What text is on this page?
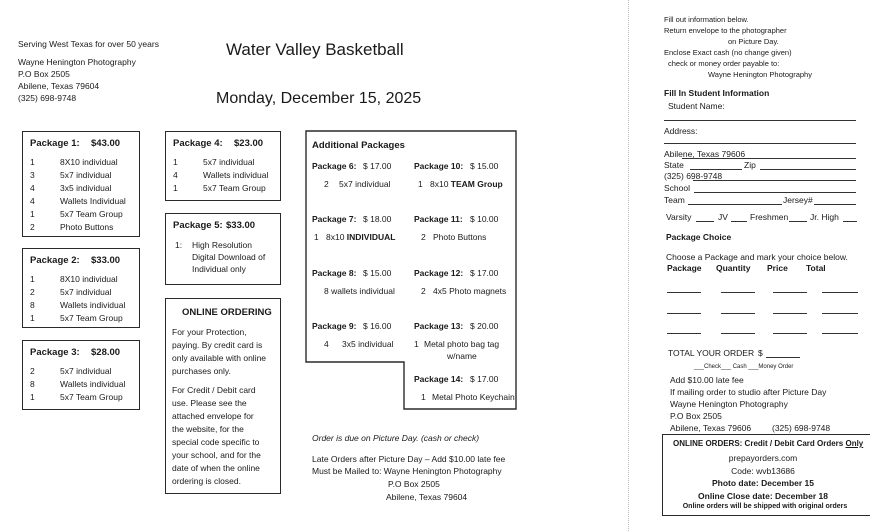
Serving West Texas for over 50 years
Wayne Henington Photography
P.O Box 2505
Abilene, Texas 79604
(325) 698-9748
Water Valley Basketball
Monday, December 15, 2025
Package 1: $43.00
1	8X10 individual
3	5x7 individual
4	3x5 individual
4	Wallets Individual
1	5x7 Team Group
2	Photo Buttons
Package 2: $33.00
1	8X10 individual
2	5x7 individual
8	Wallets individual
1	5x7 Team Group
Package 3: $28.00
2	5x7 individual
8	Wallets individual
1	5x7 Team Group
Package 4: $23.00
1	5x7 individual
4	Wallets individual
1	5x7 Team Group
Package 5: $33.00
1: High Resolution
Digital Download of
Individual only
ONLINE ORDERING
For your Protection,
paying. By credit card is
only available with online
purchases only.
For Credit / Debit card
use. Please see the
attached envelope for
the website, for the
special code specific to
your school, and for the
date of when the online
ordering is closed.
Additional Packages
Package 6: $ 17.00
2 5x7 individual
Package 7: $ 18.00
1 8x10 INDIVIDUAL
Package 8: $ 15.00
8 wallets individual
Package 9: $ 16.00
4 3x5 individual
Package 10: $ 15.00
1 8x10 TEAM Group
Package 11: $ 10.00
2 Photo Buttons
Package 12: $ 17.00
2 4x5 Photo magnets
Package 13: $ 20.00
1 Metal photo bag tag
w/name
Package 14: $ 17.00
1 Metal Photo Keychain
Order is due on Picture Day. (cash or check)
Late Orders after Picture Day – Add $10.00 late fee
Must be Mailed to: Wayne Henington Photography
P.O Box 2505
Abilene, Texas 79604
Fill out information below.
Return envelope to the photographer
on Picture Day.
Enclose Exact cash (no change given)
check or money order payable to:
Wayne Henington Photography
Fill In Student Information
Student Name:
Address:
Abilene, Texas 79606
State	Zip
(325) 698-9748
School
Team	Jersey#
Varsity	JV	Freshmen	Jr. High
Package Choice
Choose a Package and mark your choice below.
Package Quantity Price Total
TOTAL YOUR ORDER $
___Check___ Cash ___Money Order
Add $10.00 late fee
If mailing order to studio after Picture Day
Wayne Henington Photography
P.O Box 2505
Abilene, Texas 79606 (325) 698-9748
ONLINE ORDERS: Credit / Debit Card Orders Only
prepayorders.com
Code: wvb13686
Photo date: December 15
Online Close date: December 18
Online orders will be shipped with original orders
